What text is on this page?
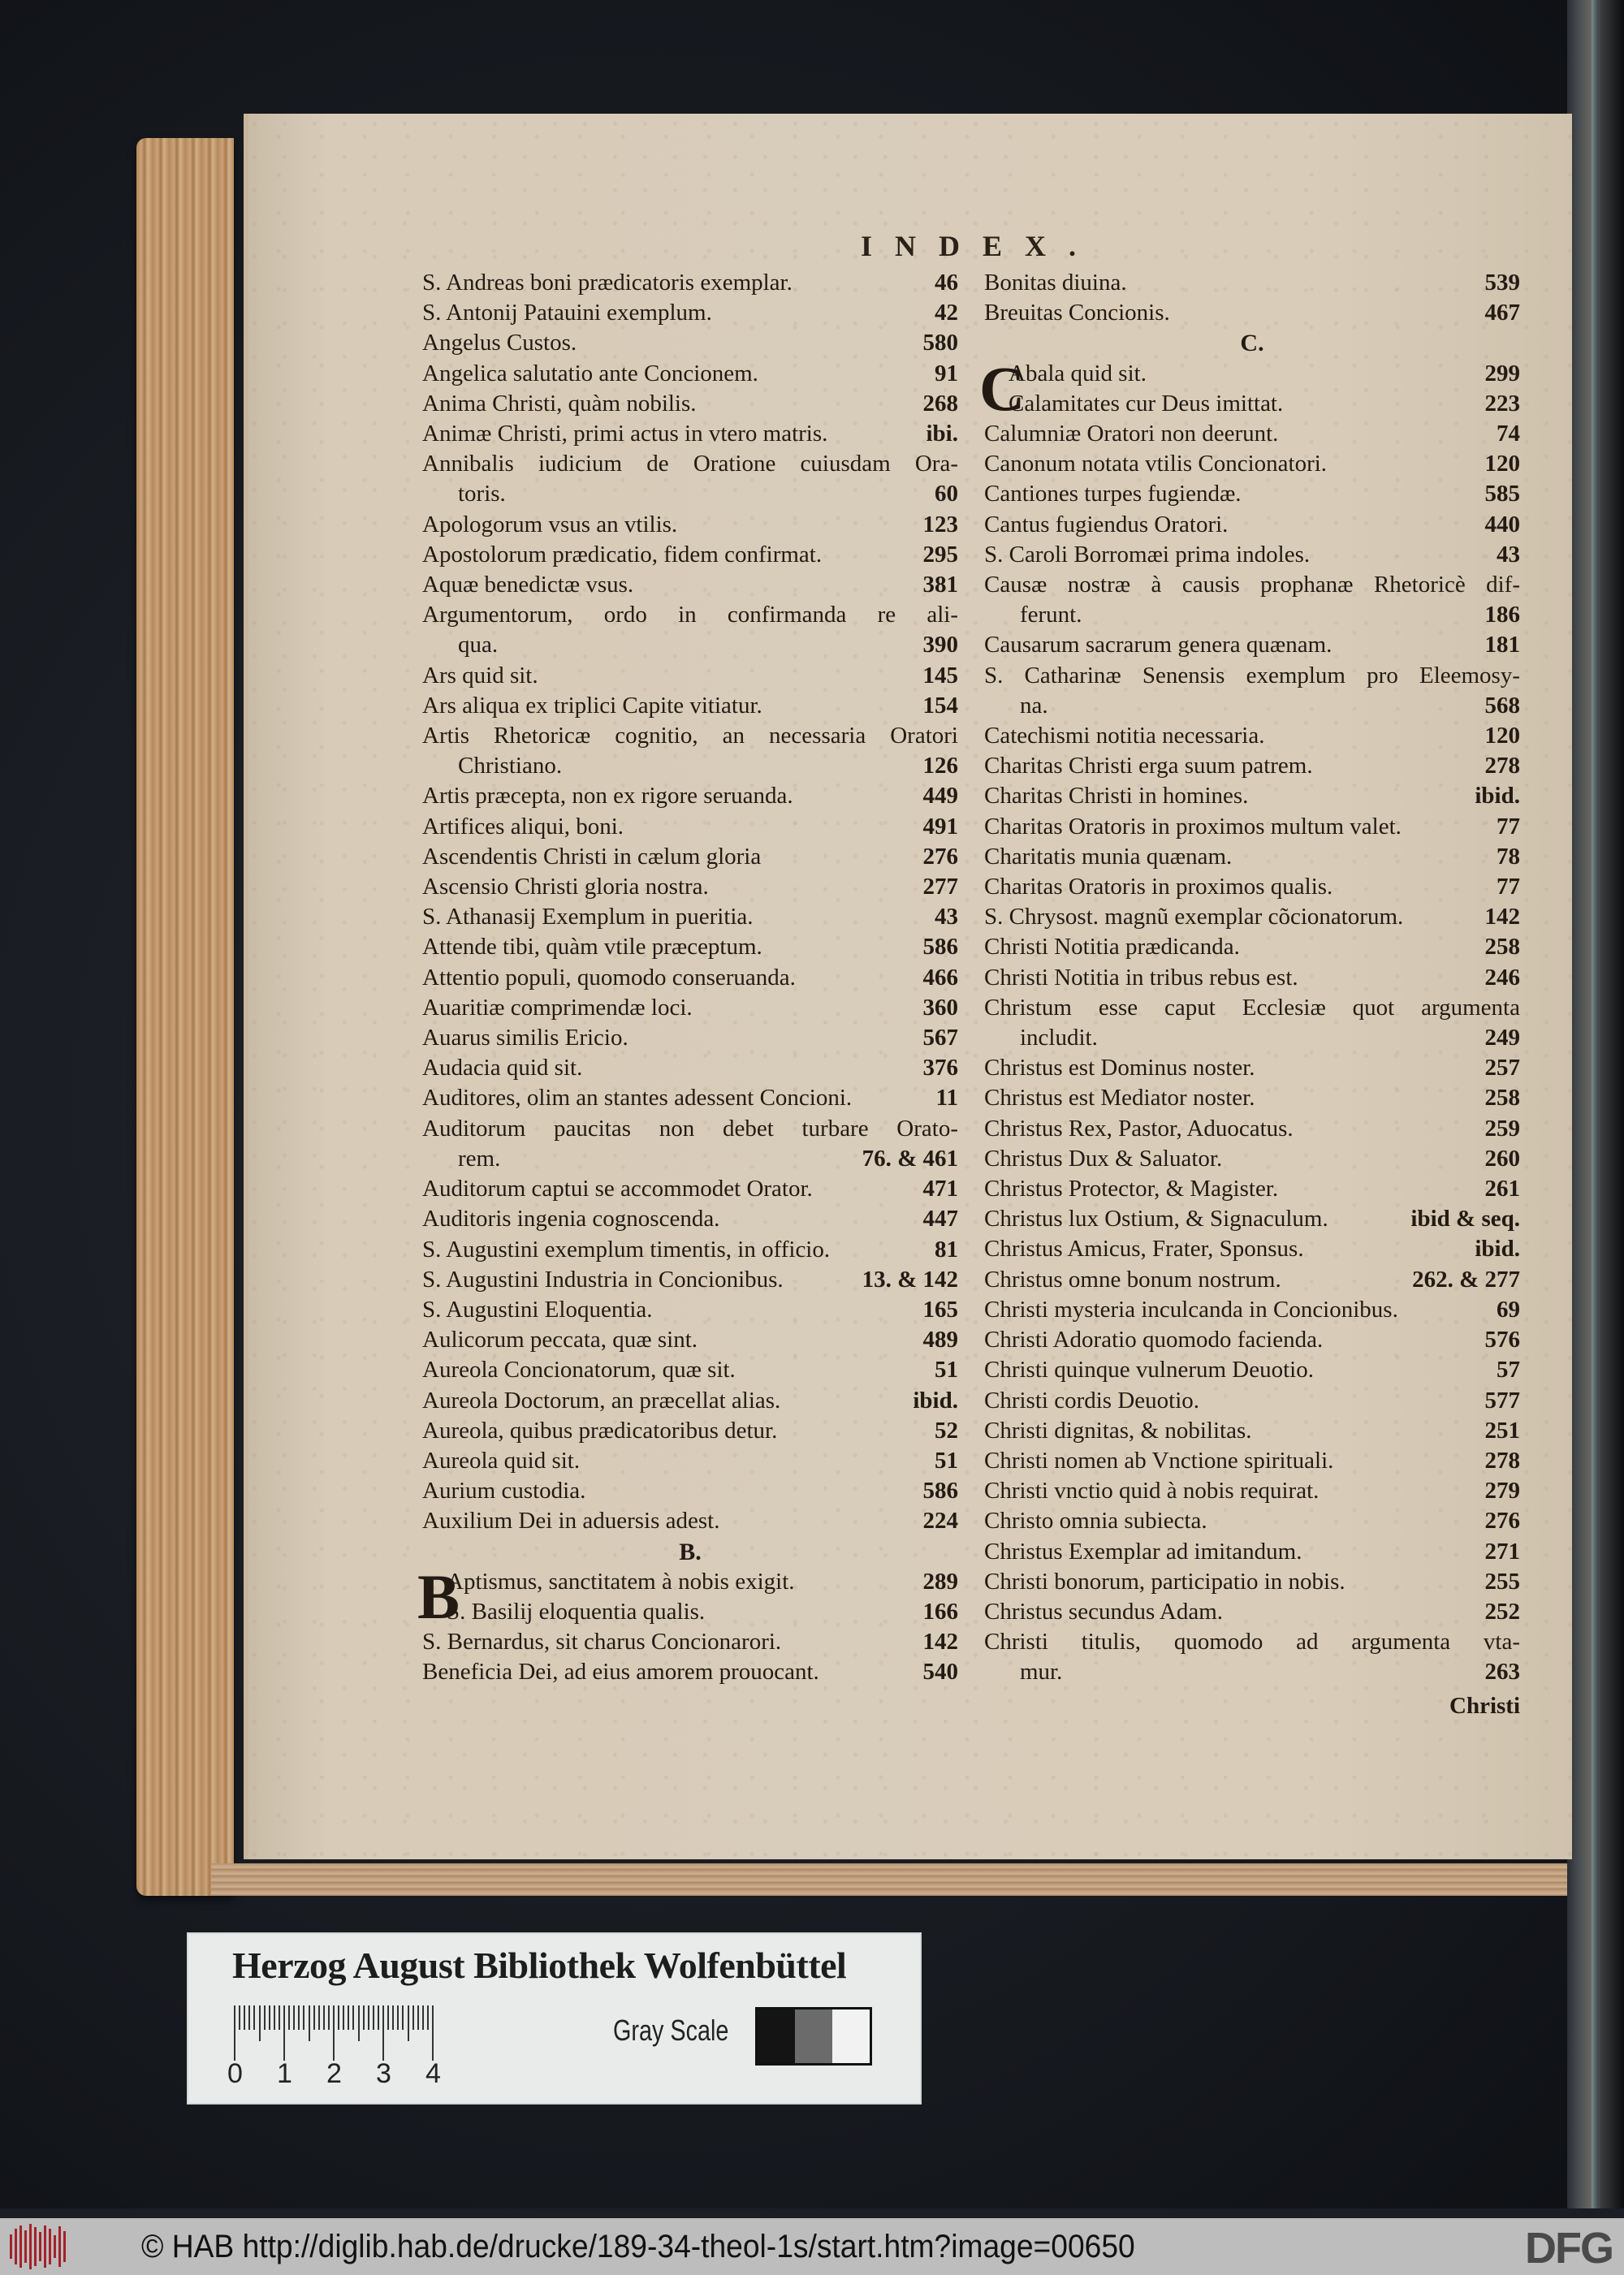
INDEX.
S. Andreas boni prædicatoris exemplar.	46
S. Antonij Patauini exemplum.	42
Angelus Custos.	580
Angelica salutatio ante Concionem.	91
Anima Christi, quàm nobilis.	268
Animæ Christi, primi actus in vtero matris.	ibi.
Annibalis iudicium de Oratione cuiusdam Ora-
toris.	60
Apologorum vsus an vtilis.	123
Apostolorum prædicatio, fidem confirmat.	295
Aquæ benedictæ vsus.	381
Argumentorum, ordo in confirmanda re ali-
qua.	390
Ars quid sit.	145
Ars aliqua ex triplici Capite vitiatur.	154
Artis Rhetoricæ cognitio, an necessaria Oratori
Christiano.	126
Artis præcepta, non ex rigore seruanda.	449
Artifices aliqui, boni.	491
Ascendentis Christi in cælum gloria	276
Ascensio Christi gloria nostra.	277
S. Athanasij Exemplum in pueritia.	43
Attende tibi, quàm vtile præceptum.	586
Attentio populi, quomodo conseruanda.	466
Auaritiæ comprimendæ loci.	360
Auarus similis Ericio.	567
Audacia quid sit.	376
Auditores, olim an stantes adessent Concioni.	11
Auditorum paucitas non debet turbare Orato-
rem.	76. & 461
Auditorum captui se accommodet Orator.	471
Auditoris ingenia cognoscenda.	447
S. Augustini exemplum timentis, in officio.	81
S. Augustini Industria in Concionibus.	13. & 142
S. Augustini Eloquentia.	165
Aulicorum peccata, quæ sint.	489
Aureola Concionatorum, quæ sit.	51
Aureola Doctorum, an præcellat alias.	ibid.
Aureola, quibus prædicatoribus detur.	52
Aureola quid sit.	51
Aurium custodia.	586
Auxilium Dei in aduersis adest.	224
B.
B
Aptismus, sanctitatem à nobis exigit.	289
S. Basilij eloquentia qualis.	166
S. Bernardus, sit charus Concionarori.	142
Beneficia Dei, ad eius amorem prouocant.	540
Bonitas diuina.	539
Breuitas Concionis.	467
C.
C
Abala quid sit.	299
Calamitates cur Deus imittat.	223
Calumniæ Oratori non deerunt.	74
Canonum notata vtilis Concionatori.	120
Cantiones turpes fugiendæ.	585
Cantus fugiendus Oratori.	440
S. Caroli Borromæi prima indoles.	43
Causæ nostræ à causis prophanæ Rhetoricè dif-
ferunt.	186
Causarum sacrarum genera quænam.	181
S. Catharinæ Senensis exemplum pro Eleemosy-
na.	568
Catechismi notitia necessaria.	120
Charitas Christi erga suum patrem.	278
Charitas Christi in homines.	ibid.
Charitas Oratoris in proximos multum valet.	77
Charitatis munia quænam.	78
Charitas Oratoris in proximos qualis.	77
S. Chrysost. magnũ exemplar cõcionatorum.	142
Christi Notitia prædicanda.	258
Christi Notitia in tribus rebus est.	246
Christum esse caput Ecclesiæ quot argumenta
includit.	249
Christus est Dominus noster.	257
Christus est Mediator noster.	258
Christus Rex, Pastor, Aduocatus.	259
Christus Dux & Saluator.	260
Christus Protector, & Magister.	261
Christus lux Ostium, & Signaculum.	ibid & seq.
Christus Amicus, Frater, Sponsus.	ibid.
Christus omne bonum nostrum.	262. & 277
Christi mysteria inculcanda in Concionibus.	69
Christi Adoratio quomodo facienda.	576
Christi quinque vulnerum Deuotio.	57
Christi cordis Deuotio.	577
Christi dignitas, & nobilitas.	251
Christi nomen ab Vnctione spirituali.	278
Christi vnctio quid à nobis requirat.	279
Christo omnia subiecta.	276
Christus Exemplar ad imitandum.	271
Christi bonorum, participatio in nobis.	255
Christus secundus Adam.	252
Christi titulis, quomodo ad argumenta vta-
mur.	263
Christi
Herzog August Bibliothek Wolfenbüttel
0 1 2 3 4
Gray Scale
© HAB http://diglib.hab.de/drucke/189-34-theol-1s/start.htm?image=00650	DFG
